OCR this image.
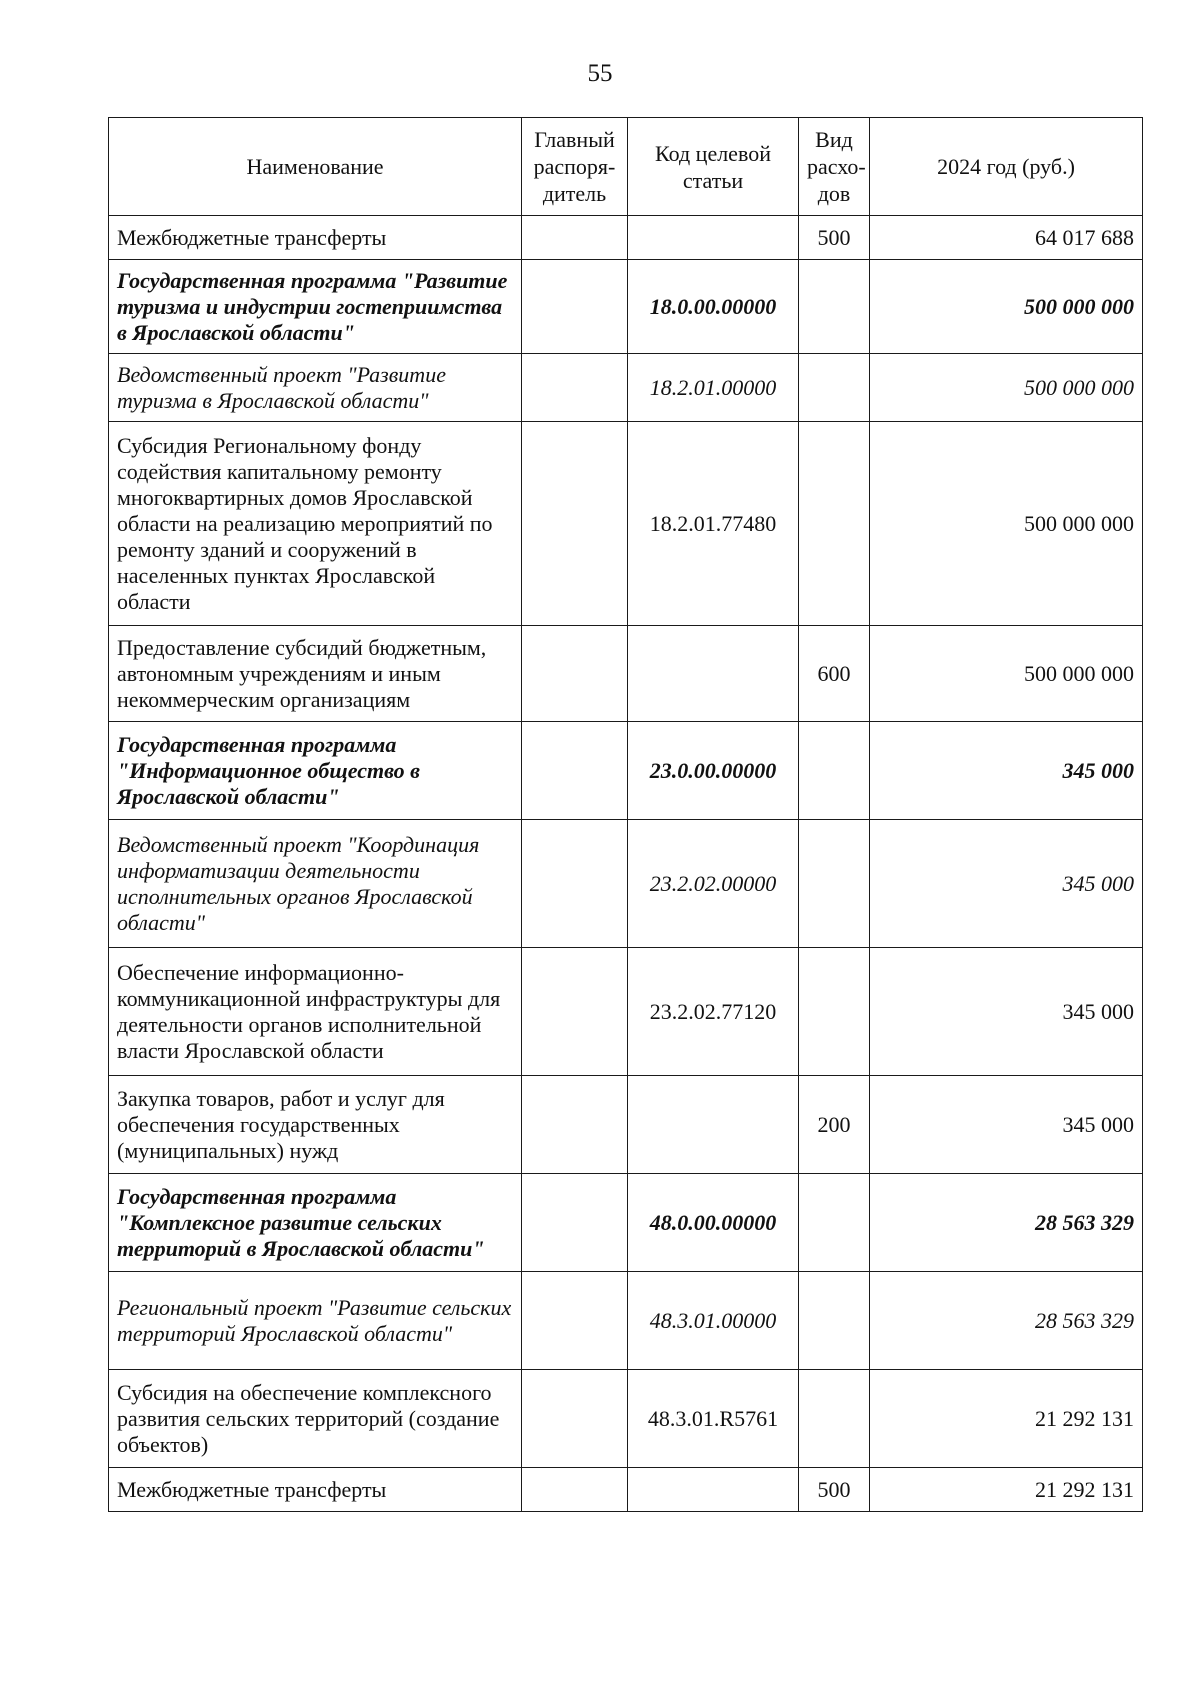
55
Наименование	Главный распоря-дитель	Код целевой статьи	Вид расхо-дов	2024 год (руб.)
Межбюджетные трансферты			500	64 017 688
Государственная программа "Развитие туризма и индустрии гостеприимства в Ярославской области"		18.0.00.00000		500 000 000
Ведомственный проект "Развитие туризма в Ярославской области"		18.2.01.00000		500 000 000
Субсидия Региональному фонду содействия капитальному ремонту многоквартирных домов Ярославской области на реализацию мероприятий по ремонту зданий и сооружений в населенных пунктах Ярославской области		18.2.01.77480		500 000 000
Предоставление субсидий бюджетным, автономным учреждениям и иным некоммерческим организациям			600	500 000 000
Государственная программа "Информационное общество в Ярославской области"		23.0.00.00000		345 000
Ведомственный проект "Координация информатизации деятельности исполнительных органов Ярославской области"		23.2.02.00000		345 000
Обеспечение информационно-коммуникационной инфраструктуры для деятельности органов исполнительной власти Ярославской области		23.2.02.77120		345 000
Закупка товаров, работ и услуг для обеспечения государственных (муниципальных) нужд			200	345 000
Государственная программа "Комплексное развитие сельских территорий в Ярославской области"		48.0.00.00000		28 563 329
Региональный проект "Развитие сельских территорий Ярославской области"		48.3.01.00000		28 563 329
Субсидия на обеспечение комплексного развития сельских территорий (создание объектов)		48.3.01.R5761		21 292 131
Межбюджетные трансферты			500	21 292 131
